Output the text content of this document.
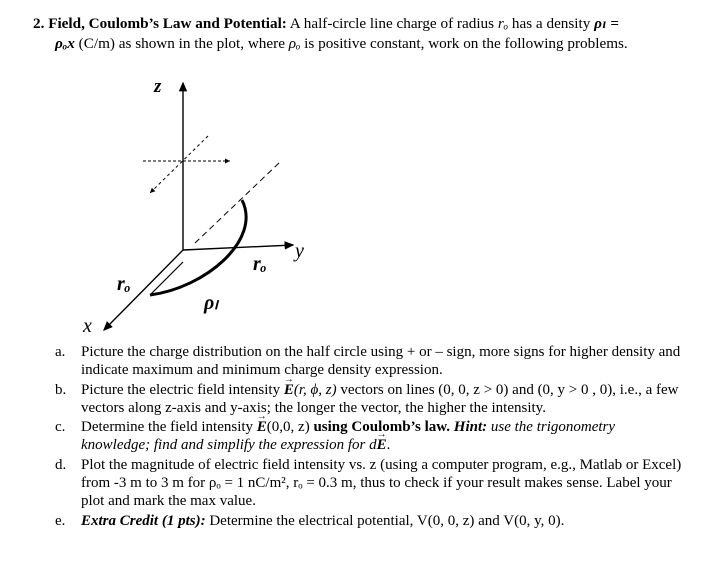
2. Field, Coulomb’s Law and Potential: A half-circle line charge of radius rₒ has a density ρₗ =
ρₒx (C/m) as shown in the plot, where ρₒ is positive constant, work on the following problems.
z
y
x
rₒ
rₒ
ρₗ
a.	Picture the charge distribution on the half circle using + or – sign, more signs for higher density and indicate maximum and minimum charge density expression.
b. Picture the electric field intensity → E(r, ϕ, z) vectors on lines (0, 0, z > 0) and (0, y > 0 , 0), i.e., a few vectors along z-axis and y-axis; the longer the vector, the higher the intensity.
c.	Determine the field intensity → E(0,0, z) using Coulomb’s law. Hint: use the trigonometry knowledge; find and simplify the expression for d→ E.
d. Plot the magnitude of electric field intensity vs. z (using a computer program, e.g., Matlab or Excel) from -3 m to 3 m for ρₒ = 1 nC/m², rₒ = 0.3 m, thus to check if your result makes sense. Label your plot and mark the max value.
e.	Extra Credit (1 pts): Determine the electrical potential, V(0, 0, z) and V(0, y, 0).
